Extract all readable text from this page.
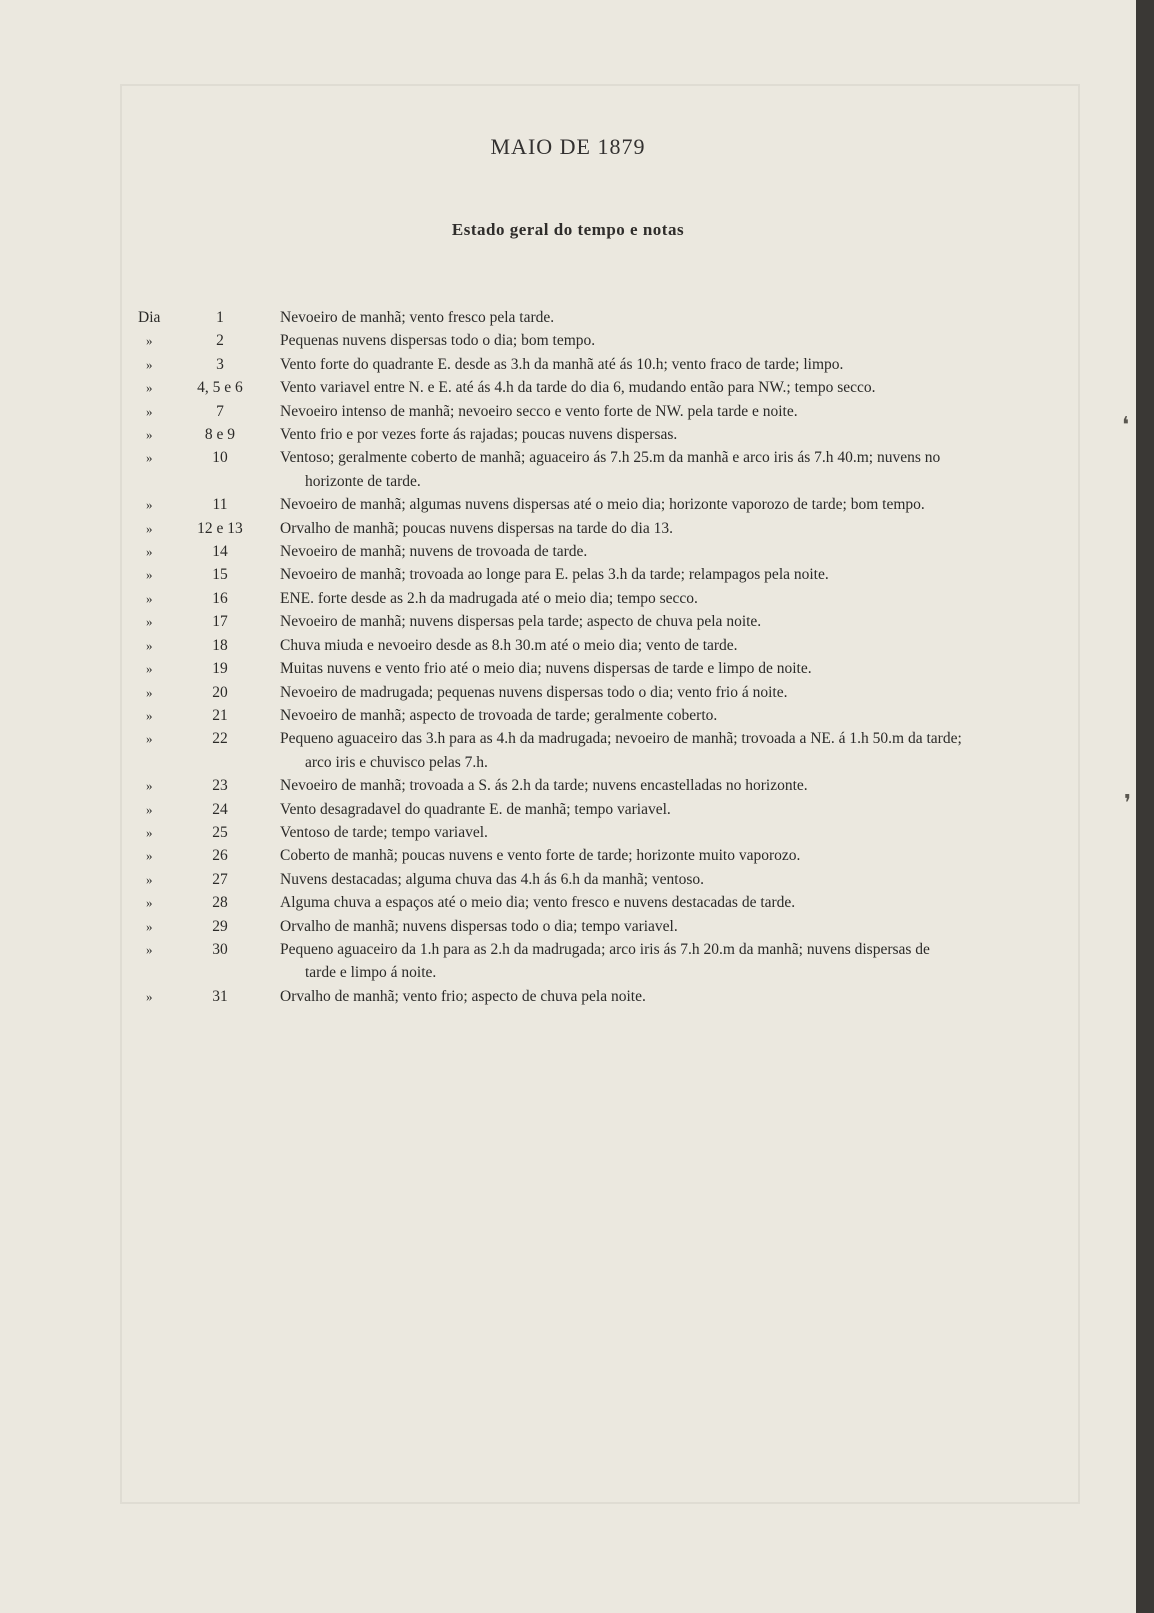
MAIO DE 1879
Estado geral do tempo e notas
Dia	1	Nevoeiro de manhã; vento fresco pela tarde.
»	2	Pequenas nuvens dispersas todo o dia; bom tempo.
»	3	Vento forte do quadrante E. desde as 3.h da manhã até ás 10.h; vento fraco de tarde; limpo.
»	4, 5 e 6	Vento variavel entre N. e E. até ás 4.h da tarde do dia 6, mudando então para NW.; tempo secco.
»	7	Nevoeiro intenso de manhã; nevoeiro secco e vento forte de NW. pela tarde e noite.
»	8 e 9	Vento frio e por vezes forte ás rajadas; poucas nuvens dispersas.
»	10	Ventoso; geralmente coberto de manhã; aguaceiro ás 7.h 25.m da manhã e arco iris ás 7.h 40.m; nuvens no
horizonte de tarde.
»	11	Nevoeiro de manhã; algumas nuvens dispersas até o meio dia; horizonte vaporozo de tarde; bom tempo.
»	12 e 13	Orvalho de manhã; poucas nuvens dispersas na tarde do dia 13.
»	14	Nevoeiro de manhã; nuvens de trovoada de tarde.
»	15	Nevoeiro de manhã; trovoada ao longe para E. pelas 3.h da tarde; relampagos pela noite.
»	16	ENE. forte desde as 2.h da madrugada até o meio dia; tempo secco.
»	17	Nevoeiro de manhã; nuvens dispersas pela tarde; aspecto de chuva pela noite.
»	18	Chuva miuda e nevoeiro desde as 8.h 30.m até o meio dia; vento de tarde.
»	19	Muitas nuvens e vento frio até o meio dia; nuvens dispersas de tarde e limpo de noite.
»	20	Nevoeiro de madrugada; pequenas nuvens dispersas todo o dia; vento frio á noite.
»	21	Nevoeiro de manhã; aspecto de trovoada de tarde; geralmente coberto.
»	22	Pequeno aguaceiro das 3.h para as 4.h da madrugada; nevoeiro de manhã; trovoada a NE. á 1.h 50.m da tarde;
arco iris e chuvisco pelas 7.h.
»	23	Nevoeiro de manhã; trovoada a S. ás 2.h da tarde; nuvens encastelladas no horizonte.
»	24	Vento desagradavel do quadrante E. de manhã; tempo variavel.
»	25	Ventoso de tarde; tempo variavel.
»	26	Coberto de manhã; poucas nuvens e vento forte de tarde; horizonte muito vaporozo.
»	27	Nuvens destacadas; alguma chuva das 4.h ás 6.h da manhã; ventoso.
»	28	Alguma chuva a espaços até o meio dia; vento fresco e nuvens destacadas de tarde.
»	29	Orvalho de manhã; nuvens dispersas todo o dia; tempo variavel.
»	30	Pequeno aguaceiro da 1.h para as 2.h da madrugada; arco iris ás 7.h 20.m da manhã; nuvens dispersas de
tarde e limpo á noite.
»	31	Orvalho de manhã; vento frio; aspecto de chuva pela noite.
❛
❜
